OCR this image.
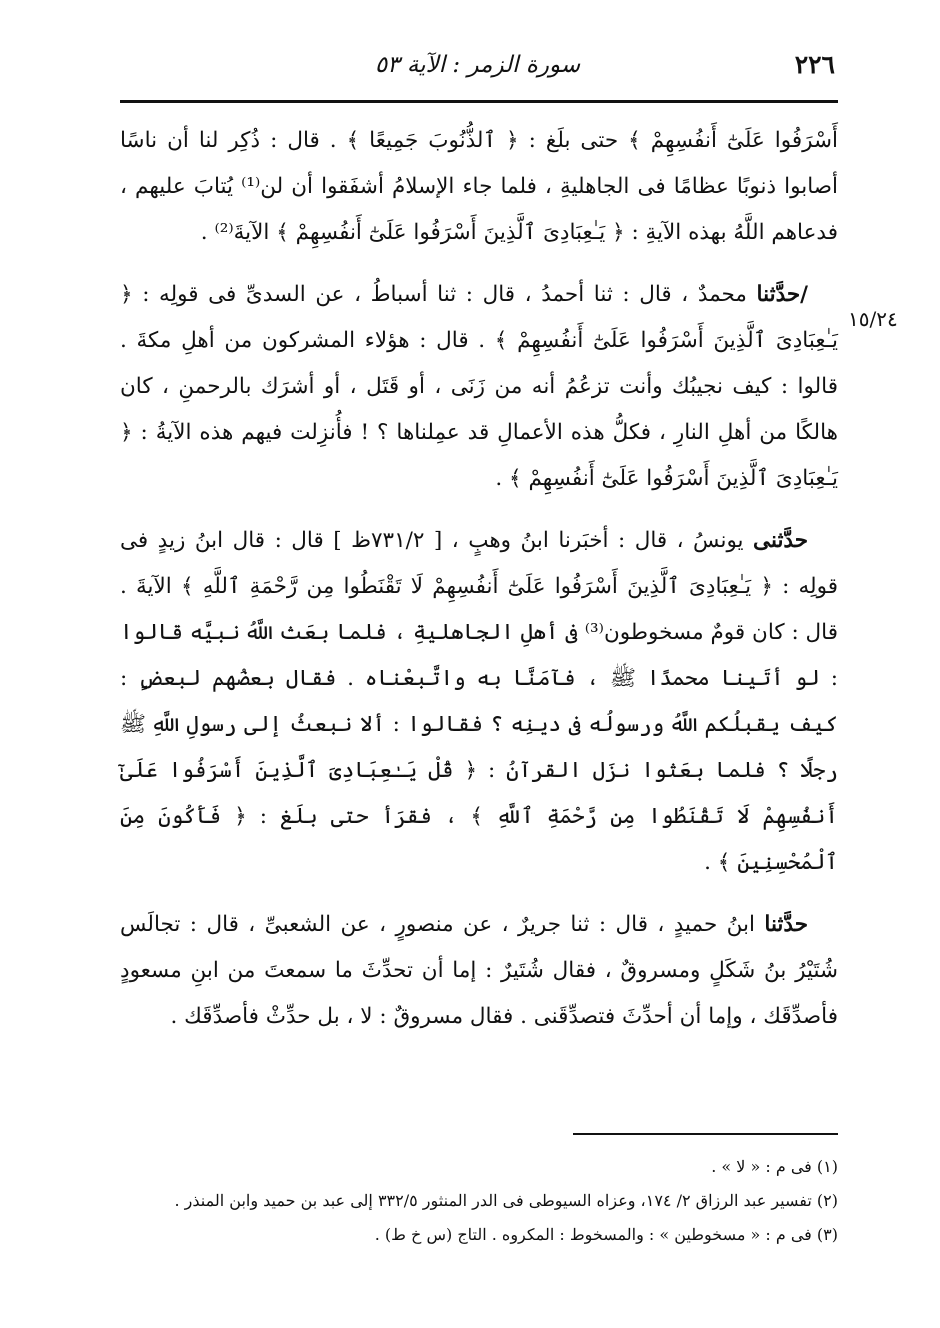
٢٢٦
سورة الزمر : الآية ٥٣
١٥/٢٤

أَسْرَفُوا عَلَىٰٓ أَنفُسِهِمْ ﴾ حتى بلَغ : ﴿ ٱلذُّنُوبَ جَمِيعًا ﴾ . قال : ذُكِر لنا أن ناسًا أصابوا ذنوبًا عظامًا فى الجاهليةِ ، فلما جاء الإسلامُ أشفَقوا أن لن⁽¹⁾ يُتابَ عليهم ، فدعاهم اللَّهُ بهذه الآيةِ : ﴿ يَـٰعِبَادِىَ ٱلَّذِينَ أَسْرَفُوا عَلَىٰٓ أَنفُسِهِمْ ﴾ الآيةَ⁽²⁾ .

/حدَّثنا محمدٌ ، قال : ثنا أحمدُ ، قال : ثنا أسباطُ ، عن السدىِّ فى قولِه : ﴿ يَـٰعِبَادِىَ ٱلَّذِينَ أَسْرَفُوا عَلَىٰٓ أَنفُسِهِمْ ﴾ . قال : هؤلاء المشركون من أهلِ مكةَ . قالوا : كيف نجيبُك وأنت تزعُمُ أنه من زَنَى ، أو قَتَل ، أو أشرَك بالرحمنِ ، كان هالكًا من أهلِ النارِ ، فكلُّ هذه الأعمالِ قد عمِلناها ؟ ! فأُنزِلت فيهم هذه الآيةُ : ﴿ يَـٰعِبَادِىَ ٱلَّذِينَ أَسْرَفُوا عَلَىٰٓ أَنفُسِهِمْ ﴾ .

حدَّثنى يونسُ ، قال : أخبَرنا ابنُ وهبٍ ، [ ٧٣١/٢ظ ] قال : قال ابنُ زيدٍ فى قولِه : ﴿ يَـٰعِبَادِىَ ٱلَّذِينَ أَسْرَفُوا عَلَىٰٓ أَنفُسِهِمْ لَا تَقْنَطُوا مِن رَّحْمَةِ ٱللَّهِ ﴾ الآيةَ . قال : كان قومٌ مسخوطون⁽³⁾ فى أهلِ الجاهليةِ ، فلما بعَث اللَّهُ نبيَّه قالوا : لو أتَينا محمدًا ﷺ ، فآمَنَّا به واتَّبعْناه . فقال بعضُهم لبعضٍ : كيف يقبلُكم اللَّهُ ورسولُه فى دينِه ؟ فقالوا : ألا نبعثُ إلى رسولِ اللَّهِ ﷺ رجلًا ؟ فلما بعَثوا نزَل القرآنُ : ﴿ قُلْ يَـٰعِبَادِىَ ٱلَّذِينَ أَسْرَفُوا عَلَىٰٓ أَنفُسِهِمْ لَا تَقْنَطُوا مِن رَّحْمَةِ ٱللَّهِ ﴾ ، فقرَأ حتى بلَغ : ﴿ فَأَكُونَ مِنَ ٱلْمُحْسِنِينَ ﴾ .

حدَّثنا ابنُ حميدٍ ، قال : ثنا جريرٌ ، عن منصورٍ ، عن الشعبىِّ ، قال : تجالَس شُتَيْرُ بنُ شَكَلٍ ومسروقٌ ، فقال شُتَيرٌ : إما أن تحدِّثَ ما سمعتَ من ابنِ مسعودٍ فأصدِّقَك ، وإما أن أحدِّثَ فتصدِّقَنى . فقال مسروقٌ : لا ، بل حدِّثْ فأصدِّقَك .

(١) فى م : « لا » .

(٢) تفسير عبد الرزاق ٢/ ١٧٤، وعزاه السيوطى فى الدر المنثور ٣٣٢/٥ إلى عبد بن حميد وابن المنذر .

(٣) فى م : « مسخوطين » : والمسخوط : المكروه . التاج (س خ ط) .
